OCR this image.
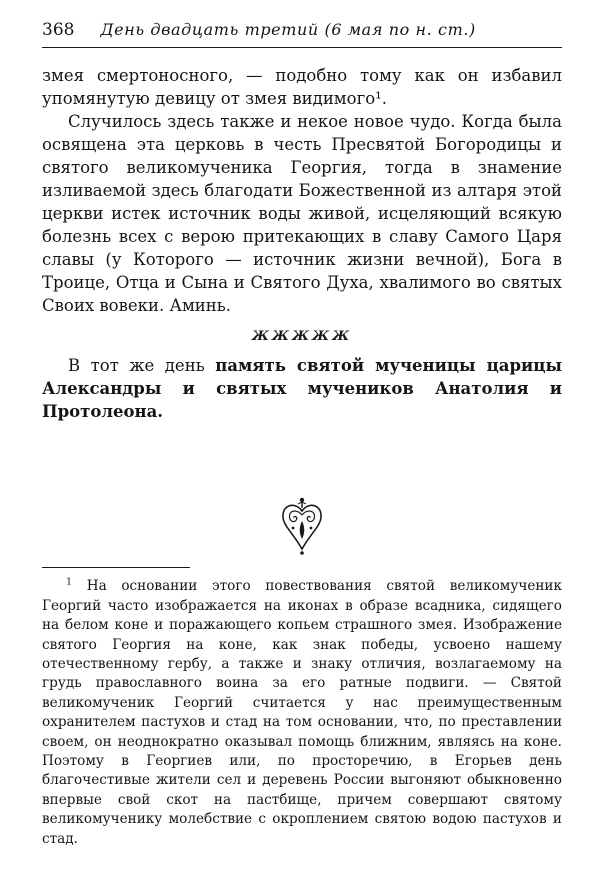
368	День двадцать третий (6 мая по н. ст.)

змея смертоносного, — подобно тому как он избавил упомянутую девицу от змея видимого¹.

Случилось здесь также и некое новое чудо. Когда была освящена эта церковь в честь Пресвятой Богородицы и святого великомученика Георгия, тогда в знамение изливаемой здесь благодати Божественной из алтаря этой церкви истек источник воды живой, исцеляющий всякую болезнь всех с верою притекающих в славу Самого Царя славы (у Которого — источник жизни вечной), Бога в Троице, Отца и Сына и Святого Духа, хвалимого во святых Своих вовеки. Аминь.

ЖЖЖЖЖ

В тот же день память святой мученицы царицы Александры и святых мучеников Анатолия и Протолеона.

$^1$ На основании этого повествования святой великомученик Георгий часто изображается на иконах в образе всадника, сидящего на белом коне и поражающего копьем страшного змея. Изображение святого Георгия на коне, как знак победы, усвоено нашему отечественному гербу, а также и знаку отличия, возлагаемому на грудь православного воина за его ратные подвиги. — Святой великомученик Георгий считается у нас преимущественным охранителем пастухов и стад на том основании, что, по преставлении своем, он неоднократно оказывал помощь ближним, являясь на коне. Поэтому в Георгиев или, по просторечию, в Егорьев день благочестивые жители сел и деревень России выгоняют обыкновенно впервые свой скот на пастбище, причем совершают святому великомученику молебствие с окроплением святою водою пастухов и стад.
